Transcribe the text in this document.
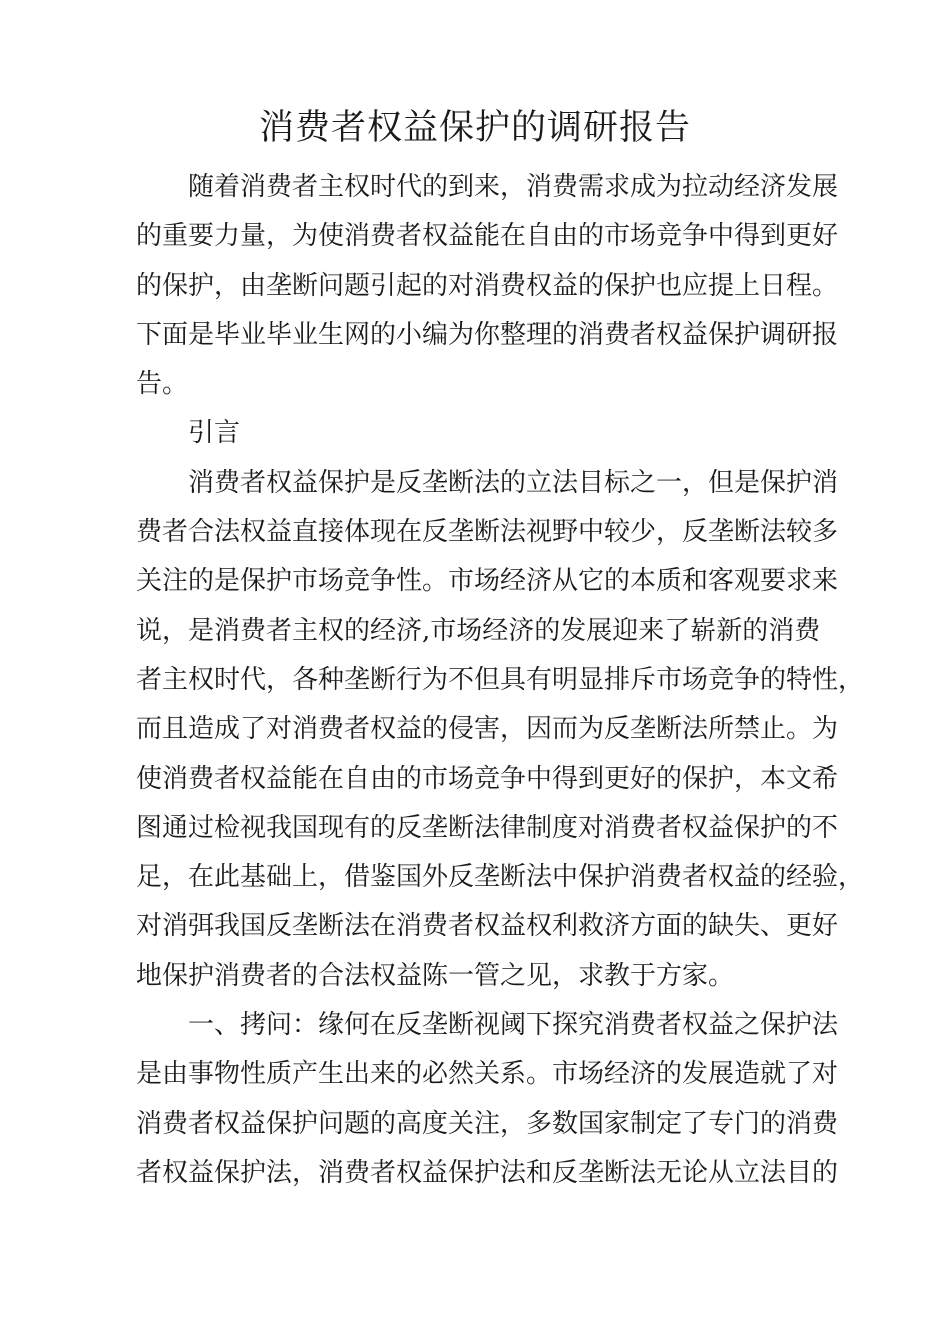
消费者权益保护的调研报告
随着消费者主权时代的到来，消费需求成为拉动经济发展
的重要力量，为使消费者权益能在自由的市场竞争中得到更好
的保护，由垄断问题引起的对消费权益的保护也应提上日程。
下面是毕业毕业生网的小编为你整理的消费者权益保护调研报
告。
引言
消费者权益保护是反垄断法的立法目标之一，但是保护消
费者合法权益直接体现在反垄断法视野中较少，反垄断法较多
关注的是保护市场竞争性。市场经济从它的本质和客观要求来
说，是消费者主权的经济,市场经济的发展迎来了崭新的消费
者主权时代，各种垄断行为不但具有明显排斥市场竞争的特性，
而且造成了对消费者权益的侵害，因而为反垄断法所禁止。为
使消费者权益能在自由的市场竞争中得到更好的保护，本文希
图通过检视我国现有的反垄断法律制度对消费者权益保护的不
足，在此基础上，借鉴国外反垄断法中保护消费者权益的经验，
对消弭我国反垄断法在消费者权益权利救济方面的缺失、更好
地保护消费者的合法权益陈一管之见，求教于方家。
一、拷问：缘何在反垄断视阈下探究消费者权益之保护法
是由事物性质产生出来的必然关系。市场经济的发展造就了对
消费者权益保护问题的高度关注，多数国家制定了专门的消费
者权益保护法，消费者权益保护法和反垄断法无论从立法目的
